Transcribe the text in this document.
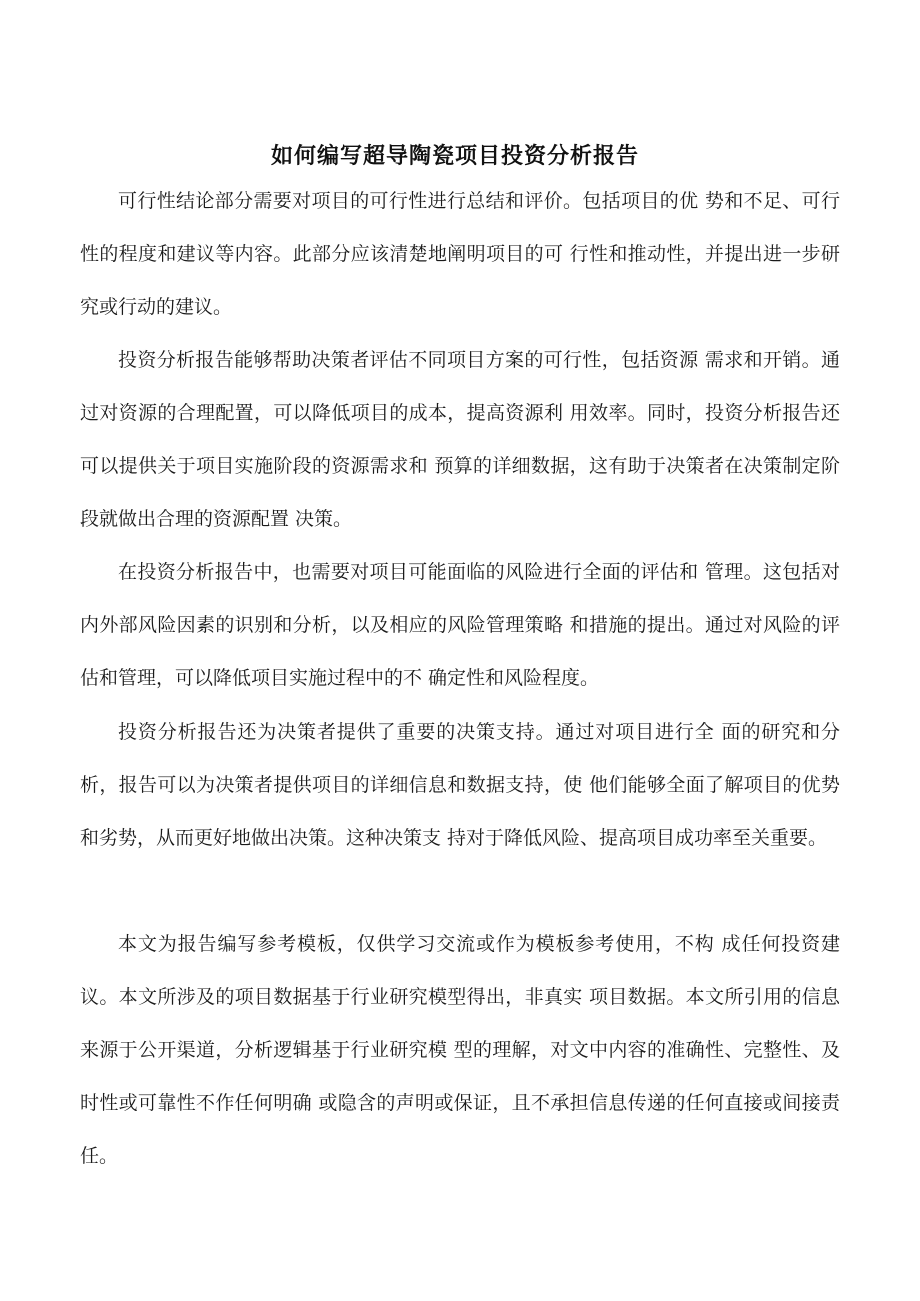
如何编写超导陶瓷项目投资分析报告

可行性结论部分需要对项目的可行性进行总结和评价。包括项目的优 势和不足、可行性的程度和建议等内容。此部分应该清楚地阐明项目的可 行性和推动性，并提出进一步研究或行动的建议。

投资分析报告能够帮助决策者评估不同项目方案的可行性，包括资源 需求和开销。通过对资源的合理配置，可以降低项目的成本，提高资源利 用效率。同时，投资分析报告还可以提供关于项目实施阶段的资源需求和 预算的详细数据，这有助于决策者在决策制定阶段就做出合理的资源配置 决策。

在投资分析报告中，也需要对项目可能面临的风险进行全面的评估和 管理。这包括对内外部风险因素的识别和分析，以及相应的风险管理策略 和措施的提出。通过对风险的评估和管理，可以降低项目实施过程中的不 确定性和风险程度。

投资分析报告还为决策者提供了重要的决策支持。通过对项目进行全 面的研究和分析，报告可以为决策者提供项目的详细信息和数据支持，使 他们能够全面了解项目的优势和劣势，从而更好地做出决策。这种决策支 持对于降低风险、提高项目成功率至关重要。

本文为报告编写参考模板，仅供学习交流或作为模板参考使用，不构 成任何投资建议。本文所涉及的项目数据基于行业研究模型得出，非真实 项目数据。本文所引用的信息来源于公开渠道，分析逻辑基于行业研究模 型的理解，对文中内容的准确性、完整性、及时性或可靠性不作任何明确 或隐含的声明或保证，且不承担信息传递的任何直接或间接责任。
